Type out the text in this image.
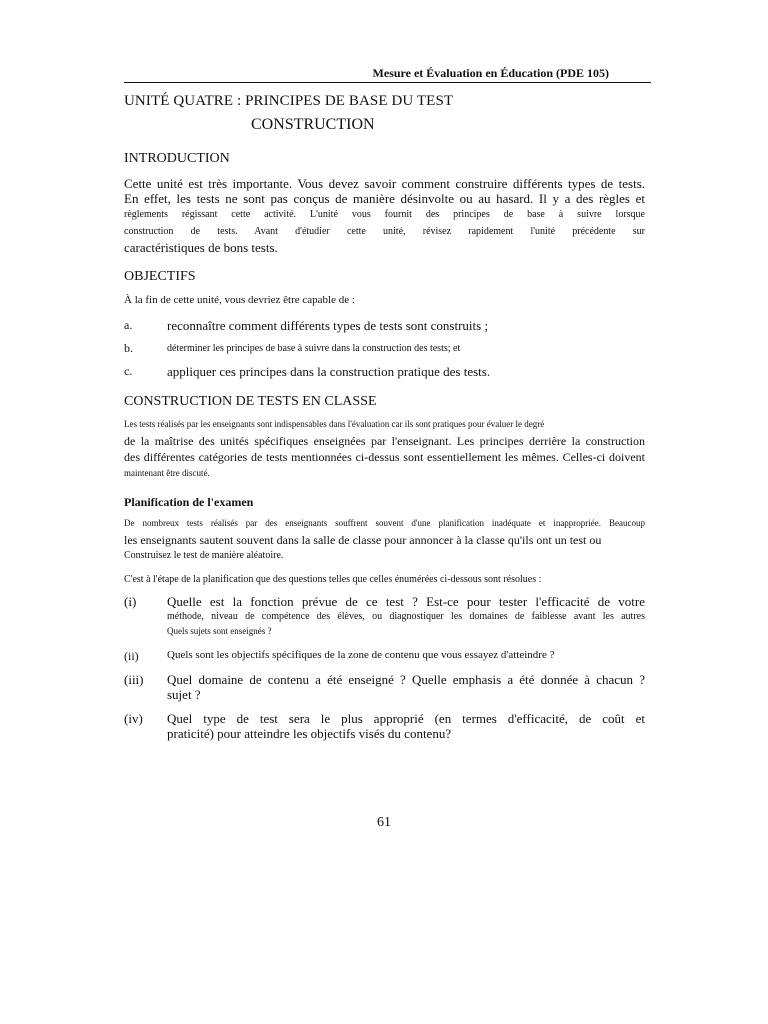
Mesure et Évaluation en Éducation (PDE 105)
UNITÉ QUATRE : PRINCIPES DE BASE DU TEST
CONSTRUCTION
INTRODUCTION
Cette unité est très importante. Vous devez savoir comment construire différents types de tests.
En effet, les tests ne sont pas conçus de manière désinvolte ou au hasard. Il y a des règles et
règlements régissant cette activité. L'unité vous fournit des principes de base à suivre lorsque
construction de tests. Avant d'étudier cette unité, révisez rapidement l'unité précédente sur
caractéristiques de bons tests.
OBJECTIFS
À la fin de cette unité, vous devriez être capable de :
a.	reconnaître comment différents types de tests sont construits ;
b.	déterminer les principes de base à suivre dans la construction des tests; et
c.	appliquer ces principes dans la construction pratique des tests.
CONSTRUCTION DE TESTS EN CLASSE
Les tests réalisés par les enseignants sont indispensables dans l'évaluation car ils sont pratiques pour évaluer le degré
de la maîtrise des unités spécifiques enseignées par l'enseignant. Les principes derrière la construction
des différentes catégories de tests mentionnées ci-dessus sont essentiellement les mêmes. Celles-ci doivent
maintenant être discuté.
Planification de l'examen
De nombreux tests réalisés par des enseignants souffrent souvent d'une planification inadéquate et inappropriée. Beaucoup
les enseignants sautent souvent dans la salle de classe pour annoncer à la classe qu'ils ont un test ou
Construisez le test de manière aléatoire.
C'est à l'étape de la planification que des questions telles que celles énumérées ci-dessous sont résolues :
(i) Quelle est la fonction prévue de ce test ? Est-ce pour tester l'efficacité de votre
méthode, niveau de compétence des élèves, ou diagnostiquer les domaines de faiblesse avant les autres
Quels sujets sont enseignés ?
(ii)	Quels sont les objectifs spécifiques de la zone de contenu que vous essayez d'atteindre ?
(iii) Quel domaine de contenu a été enseigné ? Quelle emphasis a été donnée à chacun ?
sujet ?
(iv) Quel type de test sera le plus approprié (en termes d'efficacité, de coût et
praticité) pour atteindre les objectifs visés du contenu?
61
